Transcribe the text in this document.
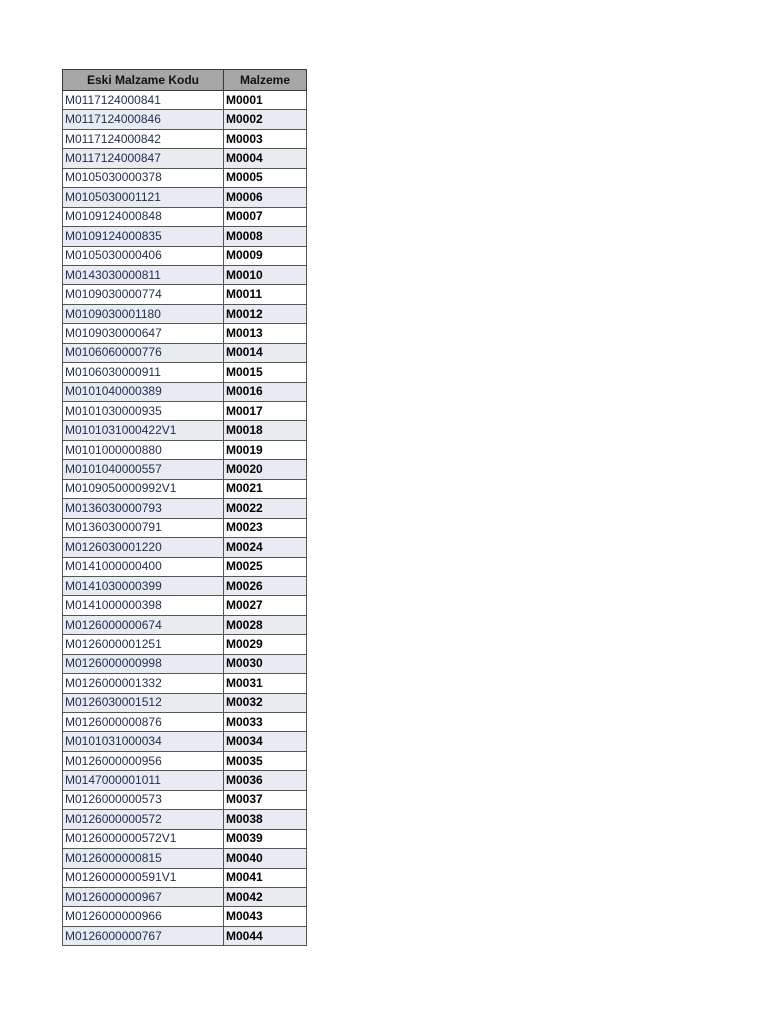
Eski Malzame Kodu	Malzeme
M0117124000841	M0001
M0117124000846	M0002
M0117124000842	M0003
M0117124000847	M0004
M0105030000378	M0005
M0105030001121	M0006
M0109124000848	M0007
M0109124000835	M0008
M0105030000406	M0009
M0143030000811	M0010
M0109030000774	M0011
M0109030001180	M0012
M0109030000647	M0013
M0106060000776	M0014
M0106030000911	M0015
M0101040000389	M0016
M0101030000935	M0017
M0101031000422V1	M0018
M0101000000880	M0019
M0101040000557	M0020
M0109050000992V1	M0021
M0136030000793	M0022
M0136030000791	M0023
M0126030001220	M0024
M0141000000400	M0025
M0141030000399	M0026
M0141000000398	M0027
M0126000000674	M0028
M0126000001251	M0029
M0126000000998	M0030
M0126000001332	M0031
M0126030001512	M0032
M0126000000876	M0033
M0101031000034	M0034
M0126000000956	M0035
M0147000001011	M0036
M0126000000573	M0037
M0126000000572	M0038
M0126000000572V1	M0039
M0126000000815	M0040
M0126000000591V1	M0041
M0126000000967	M0042
M0126000000966	M0043
M0126000000767	M0044
